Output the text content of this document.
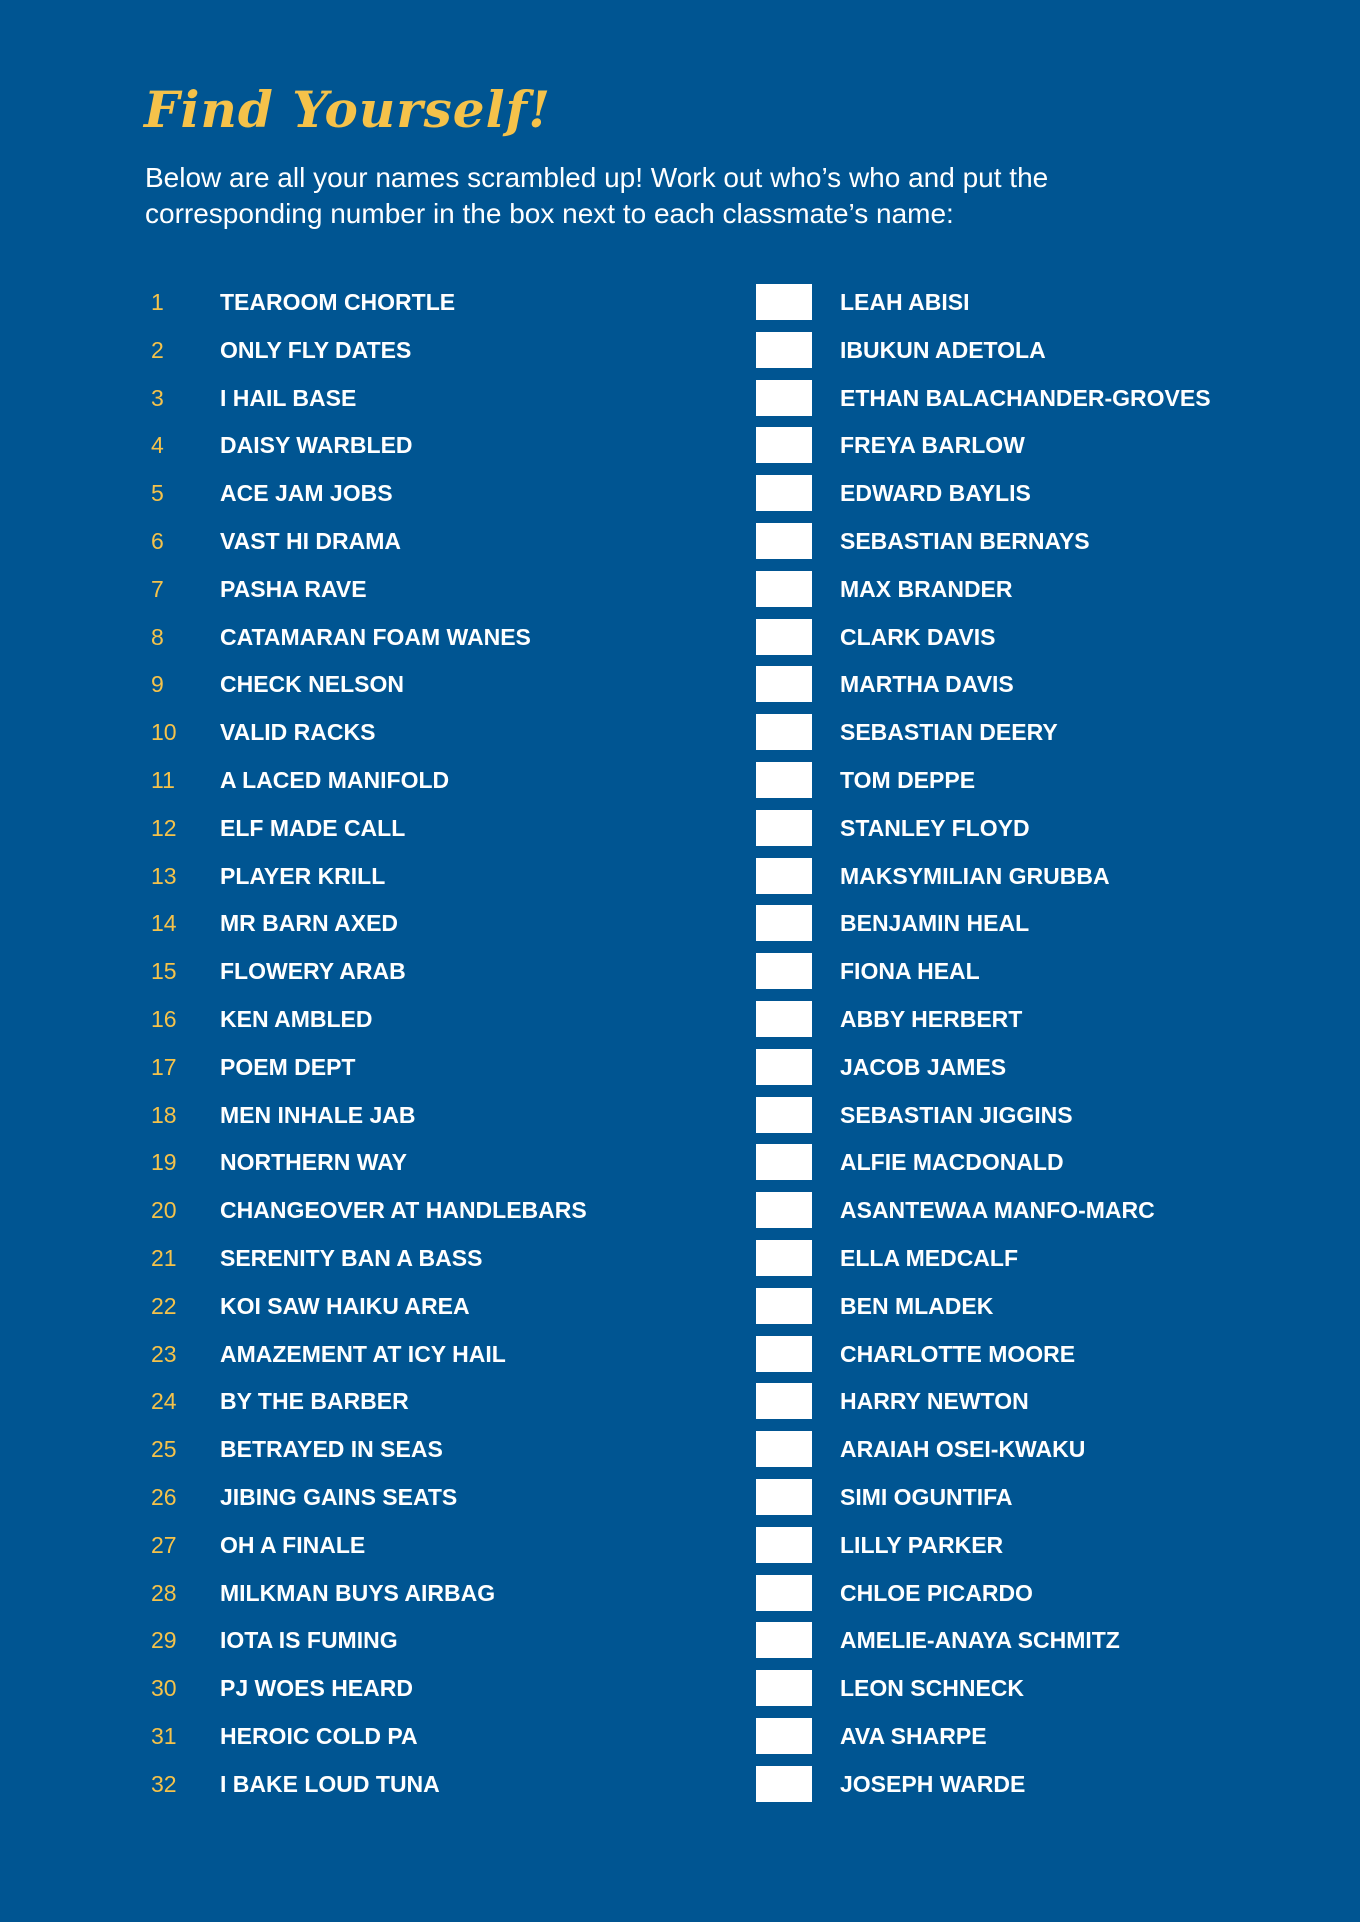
Find Yourself!

Below are all your names scrambled up! Work out who’s who and put the corresponding number in the box next to each classmate’s name:

1 TEAROOM CHORTLE	LEAH ABISI
2 ONLY FLY DATES	IBUKUN ADETOLA
3 I HAIL BASE	ETHAN BALACHANDER-GROVES
4 DAISY WARBLED	FREYA BARLOW
5 ACE JAM JOBS	EDWARD BAYLIS
6 VAST HI DRAMA	SEBASTIAN BERNAYS
7 PASHA RAVE	MAX BRANDER
8 CATAMARAN FOAM WANES	CLARK DAVIS
9 CHECK NELSON	MARTHA DAVIS
10 VALID RACKS	SEBASTIAN DEERY
11 A LACED MANIFOLD	TOM DEPPE
12 ELF MADE CALL	STANLEY FLOYD
13 PLAYER KRILL	MAKSYMILIAN GRUBBA
14 MR BARN AXED	BENJAMIN HEAL
15 FLOWERY ARAB	FIONA HEAL
16 KEN AMBLED	ABBY HERBERT
17 POEM DEPT	JACOB JAMES
18 MEN INHALE JAB	SEBASTIAN JIGGINS
19 NORTHERN WAY	ALFIE MACDONALD
20 CHANGEOVER AT HANDLEBARS	ASANTEWAA MANFO-MARC
21 SERENITY BAN A BASS	ELLA MEDCALF
22 KOI SAW HAIKU AREA	BEN MLADEK
23 AMAZEMENT AT ICY HAIL	CHARLOTTE MOORE
24 BY THE BARBER	HARRY NEWTON
25 BETRAYED IN SEAS	ARAIAH OSEI-KWAKU
26 JIBING GAINS SEATS	SIMI OGUNTIFA
27 OH A FINALE	LILLY PARKER
28 MILKMAN BUYS AIRBAG	CHLOE PICARDO
29 IOTA IS FUMING	AMELIE-ANAYA SCHMITZ
30 PJ WOES HEARD	LEON SCHNECK
31 HEROIC COLD PA	AVA SHARPE
32 I BAKE LOUD TUNA	JOSEPH WARDE
